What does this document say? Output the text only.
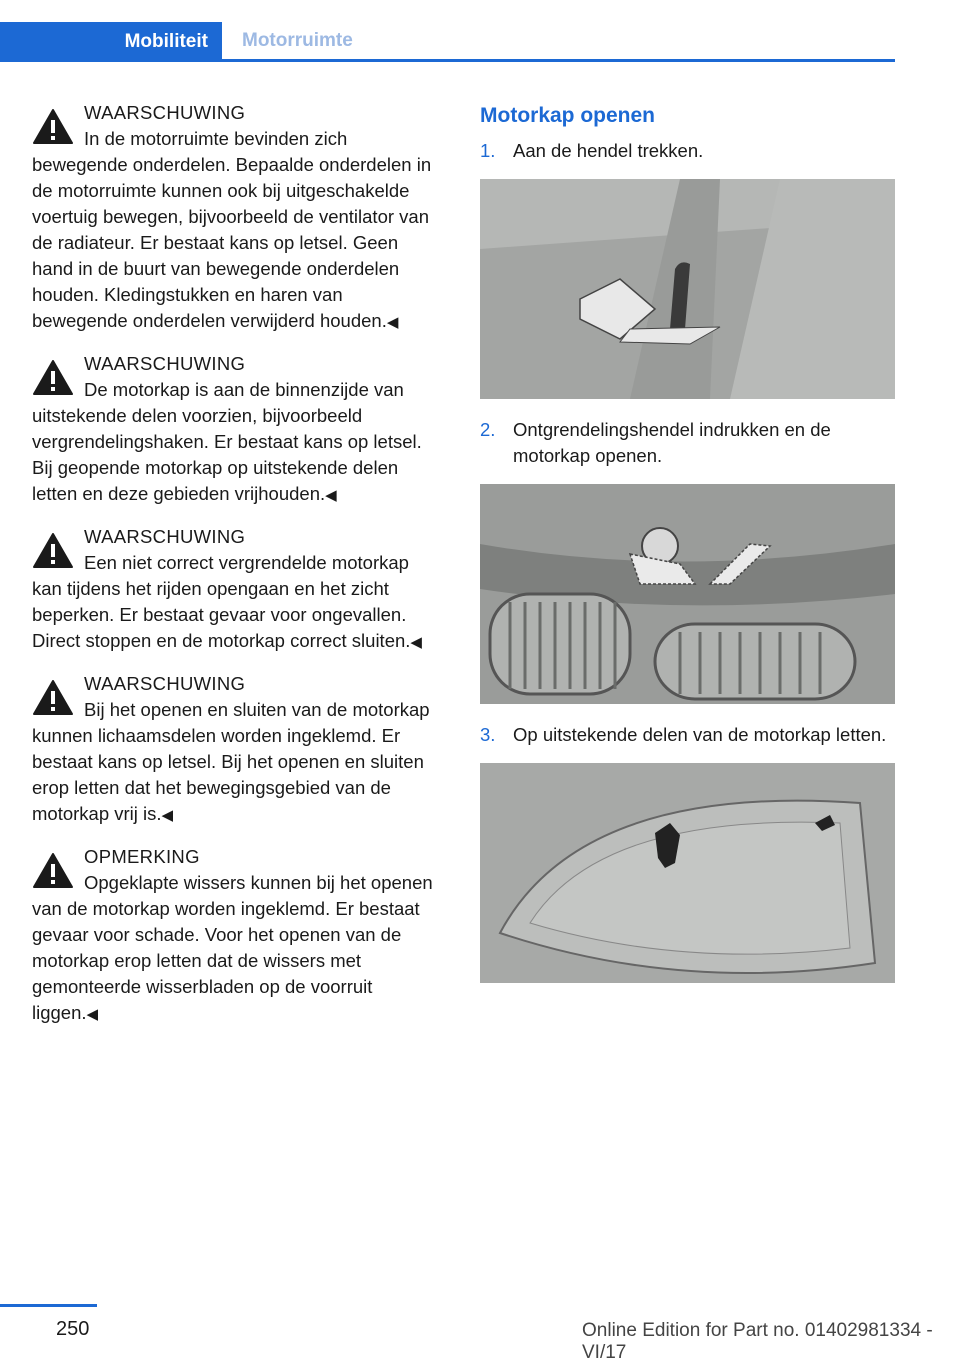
Mobiliteit	Motorruimte
WAARSCHUWING

In de motorruimte bevinden zich bewegende onderdelen. Bepaalde onderdelen in de motorruimte kunnen ook bij uitgeschakelde voertuig bewegen, bijvoorbeeld de ventilator van de radiateur. Er bestaat kans op letsel. Geen hand in de buurt van bewegende onderdelen houden. Kledingstukken en haren van bewegende onderdelen verwijderd houden.◀

WAARSCHUWING

De motorkap is aan de binnenzijde van uitstekende delen voorzien, bijvoorbeeld vergrendelingshaken. Er bestaat kans op letsel. Bij geopende motorkap op uitstekende delen letten en deze gebieden vrijhouden.◀

WAARSCHUWING

Een niet correct vergrendelde motorkap kan tijdens het rijden opengaan en het zicht beperken. Er bestaat gevaar voor ongevallen. Direct stoppen en de motorkap correct sluiten.◀

WAARSCHUWING

Bij het openen en sluiten van de motorkap kunnen lichaamsdelen worden ingeklemd. Er bestaat kans op letsel. Bij het openen en sluiten erop letten dat het bewegingsgebied van de motorkap vrij is.◀

OPMERKING

Opgeklapte wissers kunnen bij het openen van de motorkap worden ingeklemd. Er bestaat gevaar voor schade. Voor het openen van de motorkap erop letten dat de wissers met gemonteerde wisserbladen op de voorruit liggen.◀

Motorkap openen
1. Aan de hendel trekken.
2. Ontgrendelingshendel indrukken en de motorkap openen.
3. Op uitstekende delen van de motorkap letten.
250	Online Edition for Part no. 01402981334 - VI/17
